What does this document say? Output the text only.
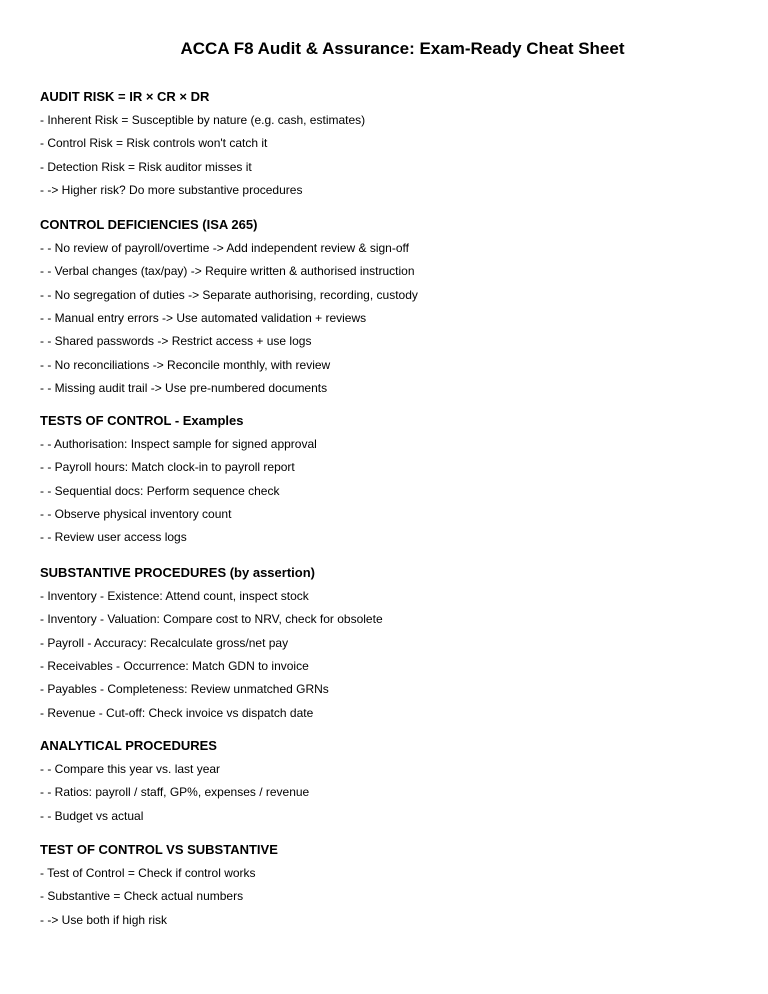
ACCA F8 Audit & Assurance: Exam-Ready Cheat Sheet
AUDIT RISK = IR × CR × DR
- Inherent Risk = Susceptible by nature (e.g. cash, estimates)
- Control Risk = Risk controls won't catch it
- Detection Risk = Risk auditor misses it
- -> Higher risk? Do more substantive procedures
CONTROL DEFICIENCIES (ISA 265)
- - No review of payroll/overtime -> Add independent review & sign-off
- - Verbal changes (tax/pay) -> Require written & authorised instruction
- - No segregation of duties -> Separate authorising, recording, custody
- - Manual entry errors -> Use automated validation + reviews
- - Shared passwords -> Restrict access + use logs
- - No reconciliations -> Reconcile monthly, with review
- - Missing audit trail -> Use pre-numbered documents
TESTS OF CONTROL - Examples
- - Authorisation: Inspect sample for signed approval
- - Payroll hours: Match clock-in to payroll report
- - Sequential docs: Perform sequence check
- - Observe physical inventory count
- - Review user access logs
SUBSTANTIVE PROCEDURES (by assertion)
- Inventory - Existence: Attend count, inspect stock
- Inventory - Valuation: Compare cost to NRV, check for obsolete
- Payroll - Accuracy: Recalculate gross/net pay
- Receivables - Occurrence: Match GDN to invoice
- Payables - Completeness: Review unmatched GRNs
- Revenue - Cut-off: Check invoice vs dispatch date
ANALYTICAL PROCEDURES
- - Compare this year vs. last year
- - Ratios: payroll / staff, GP%, expenses / revenue
- - Budget vs actual
TEST OF CONTROL VS SUBSTANTIVE
- Test of Control = Check if control works
- Substantive = Check actual numbers
- -> Use both if high risk
